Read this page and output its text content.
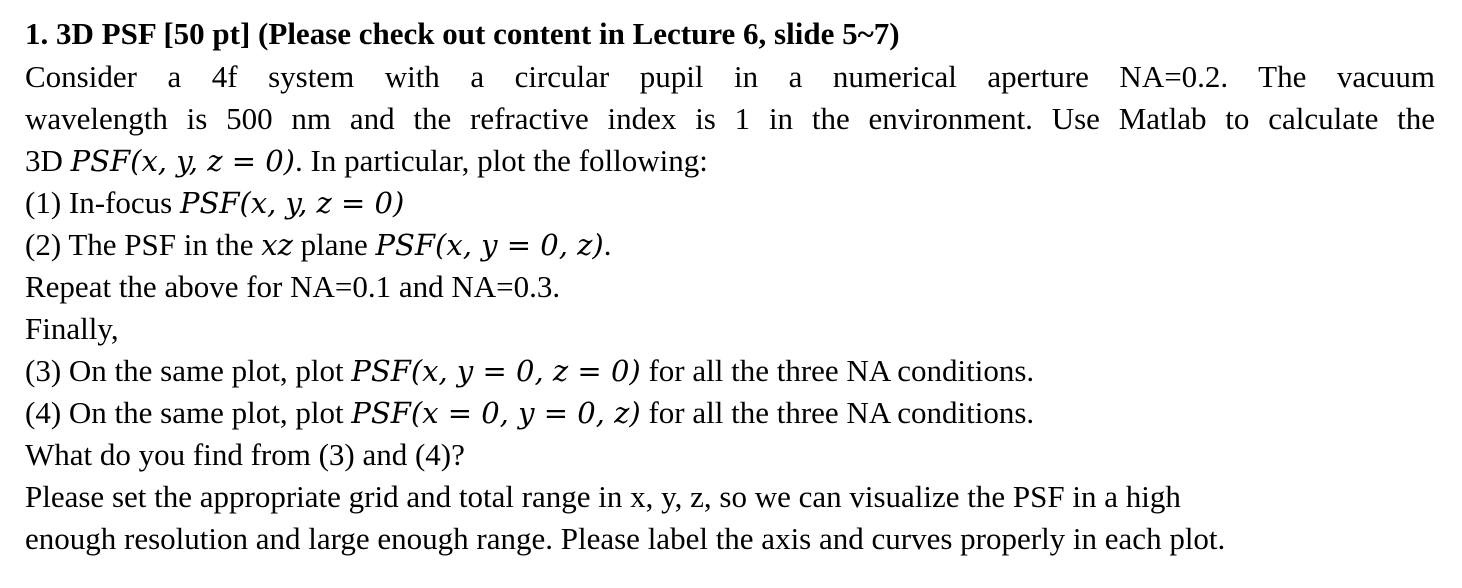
1. 3D PSF [50 pt] (Please check out content in Lecture 6, slide 5~7)
Consider a 4f system with a circular pupil in a numerical aperture NA=0.2. The vacuum
wavelength is 500 nm and the refractive index is 1 in the environment. Use Matlab to calculate the
3D PSF(x, y, z = 0). In particular, plot the following:
(1) In-focus PSF(x, y, z = 0)
(2) The PSF in the xz plane PSF(x, y = 0, z).
Repeat the above for NA=0.1 and NA=0.3.
Finally,
(3) On the same plot, plot PSF(x, y = 0, z = 0) for all the three NA conditions.
(4) On the same plot, plot PSF(x = 0, y = 0, z) for all the three NA conditions.
What do you find from (3) and (4)?
Please set the appropriate grid and total range in x, y, z, so we can visualize the PSF in a high
enough resolution and large enough range. Please label the axis and curves properly in each plot.
